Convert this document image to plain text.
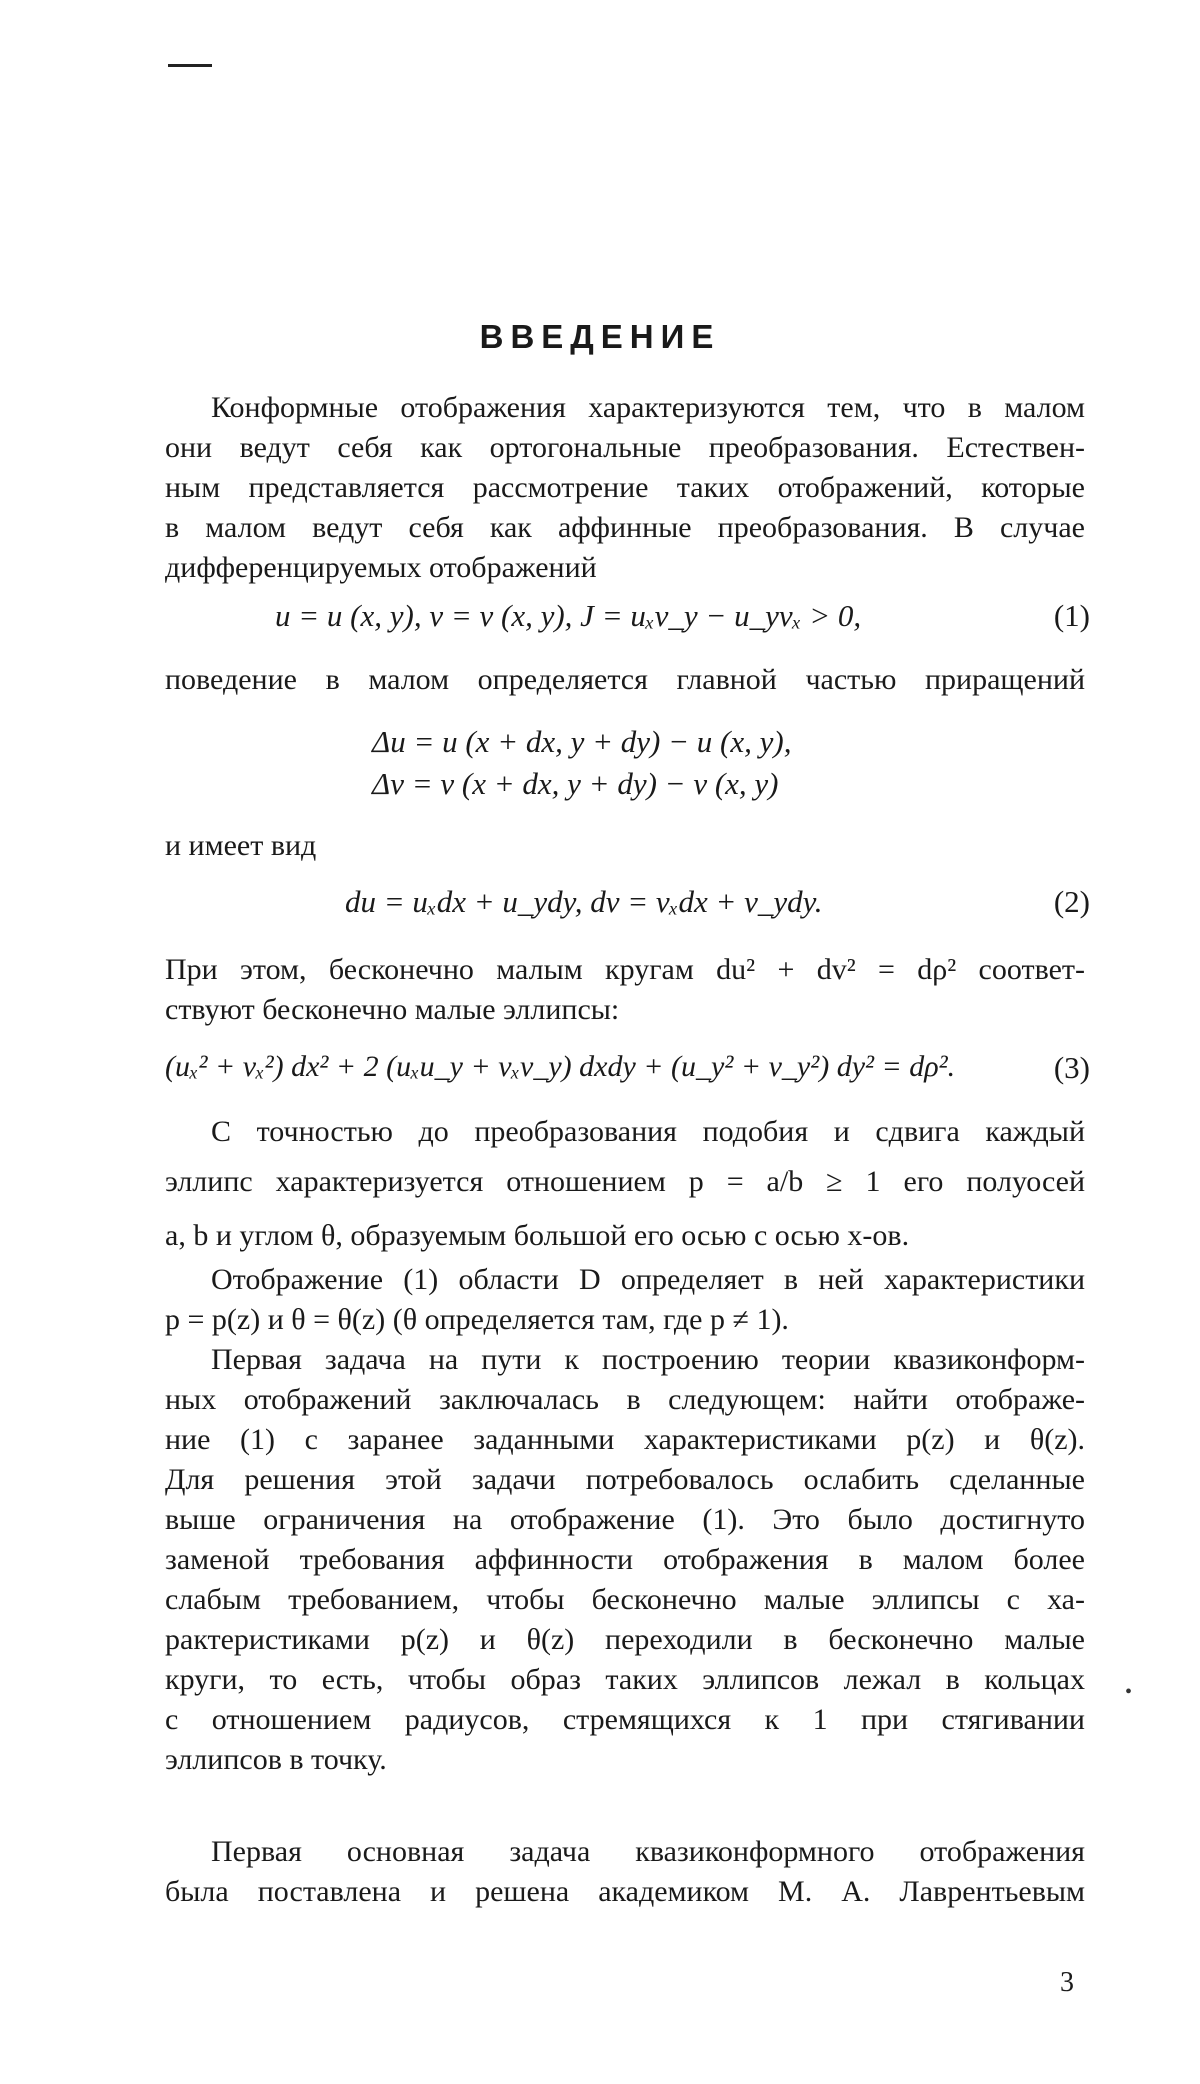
ВВЕДЕНИЕ
Конформные отображения характеризуются тем, что в малом
они ведут себя как ортогональные преобразования. Естествен-
ным представляется рассмотрение таких отображений, которые
в малом ведут себя как аффинные преобразования. В случае
дифференцируемых отображений
u = u (x, y), v = v (x, y), J = uₓv_y − u_yvₓ > 0,	(1)
поведение в малом определяется главной частью приращений
Δu = u (x + dx, y + dy) − u (x, y),
Δv = v (x + dx, y + dy) − v (x, y)
и имеет вид
du = uₓdx + u_ydy, dv = vₓdx + v_ydy.	(2)
При этом, бесконечно малым кругам du² + dv² = dρ² соответ-
ствуют бесконечно малые эллипсы:
(uₓ² + vₓ²) dx² + 2 (uₓu_y + vₓv_y) dxdy + (u_y² + v_y²) dy² = dρ².	(3)
С точностью до преобразования подобия и сдвига каждый
эллипс характеризуется отношением p = a/b ≥ 1 его полуосей
a, b и углом θ, образуемым большой его осью с осью x-ов.
Отображение (1) области D определяет в ней характеристики
p = p(z) и θ = θ(z) (θ определяется там, где p ≠ 1).
Первая задача на пути к построению теории квазиконформ-
ных отображений заключалась в следующем: найти отображе-
ние (1) с заранее заданными характеристиками p(z) и θ(z).
Для решения этой задачи потребовалось ослабить сделанные
выше ограничения на отображение (1). Это было достигнуто
заменой требования аффинности отображения в малом более
слабым требованием, чтобы бесконечно малые эллипсы с ха-
рактеристиками p(z) и θ(z) переходили в бесконечно малые
круги, то есть, чтобы образ таких эллипсов лежал в кольцах
с отношением радиусов, стремящихся к 1 при стягивании
эллипсов в точку.
Первая основная задача квазиконформного отображения
была поставлена и решена академиком М. А. Лаврентьевым
•
3
